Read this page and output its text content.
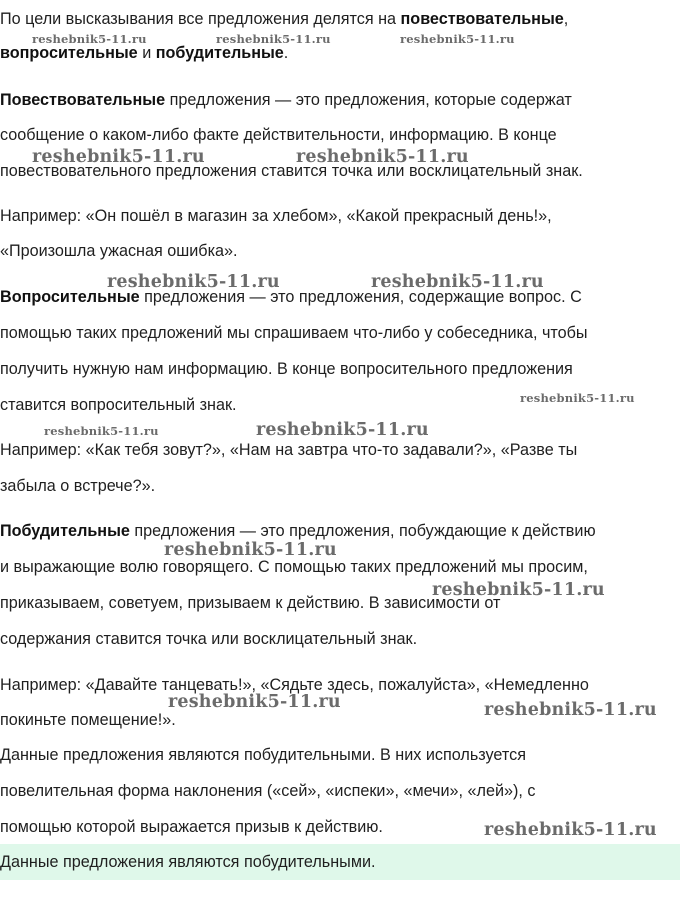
По цели высказывания все предложения делятся на повествовательные,

вопросительные и побудительные.

Повествовательные предложения — это предложения, которые содержат

сообщение о каком-либо факте действительности, информацию. В конце

повествовательного предложения ставится точка или восклицательный знак.

Например: «Он пошёл в магазин за хлебом», «Какой прекрасный день!»,

«Произошла ужасная ошибка».

Вопросительные предложения — это предложения, содержащие вопрос. С

помощью таких предложений мы спрашиваем что-либо у собеседника, чтобы

получить нужную нам информацию. В конце вопросительного предложения

ставится вопросительный знак.

Например: «Как тебя зовут?», «Нам на завтра что-то задавали?», «Разве ты

забыла о встрече?».

Побудительные предложения — это предложения, побуждающие к действию

и выражающие волю говорящего. С помощью таких предложений мы просим,

приказываем, советуем, призываем к действию. В зависимости от

содержания ставится точка или восклицательный знак.

Например: «Давайте танцевать!», «Сядьте здесь, пожалуйста», «Немедленно

покиньте помещение!».

Данные предложения являются побудительными. В них используется

повелительная форма наклонения («сей», «испеки», «мечи», «лей»), с

помощью которой выражается призыв к действию.

Данные предложения являются побудительными.

reshebnik5-11.ru	reshebnik5-11.ru	reshebnik5-11.ru
reshebnik5-11.ru	reshebnik5-11.ru
reshebnik5-11.ru	reshebnik5-11.ru
reshebnik5-11.ru
reshebnik5-11.ru	reshebnik5-11.ru
reshebnik5-11.ru
reshebnik5-11.ru
reshebnik5-11.ru	reshebnik5-11.ru
reshebnik5-11.ru
